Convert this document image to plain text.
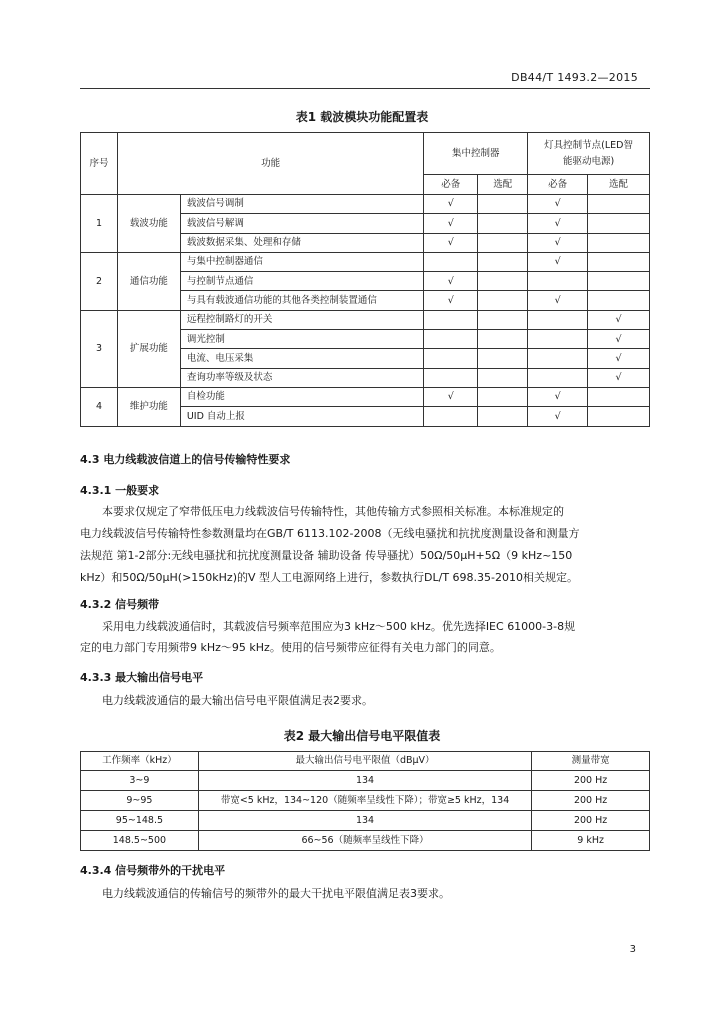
DB44/T 1493.2—2015
表1 载波模块功能配置表
序号	功能		集中控制器		灯具控制节点(LED智
能驱动电源)	

			必备	选配	必备	选配
1	载波功能	载波信号调制	√		√	
		载波信号解调	√		√	
		载波数据采集、处理和存储	√		√	
2	通信功能	与集中控制器通信			√	
		与控制节点通信	√			
		与具有载波通信功能的其他各类控制装置通信	√		√	
3	扩展功能	远程控制路灯的开关				√
		调光控制				√
		电流、电压采集				√
		查询功率等级及状态				√
4	维护功能	自检功能	√		√	
		UID 自动上报			√	
4.3 电力线载波信道上的信号传输特性要求
4.3.1 一般要求
本要求仅规定了窄带低压电力线载波信号传输特性，其他传输方式参照相关标准。本标准规定的
电力线载波信号传输特性参数测量均在GB/T 6113.102-2008（无线电骚扰和抗扰度测量设备和测量方
法规范 第1-2部分:无线电骚扰和抗扰度测量设备 辅助设备 传导骚扰）50Ω/50μH+5Ω（9 kHz~150
kHz）和50Ω/50μH(>150kHz)的V 型人工电源网络上进行，参数执行DL/T 698.35-2010相关规定。
4.3.2 信号频带
采用电力线载波通信时，其载波信号频率范围应为3 kHz～500 kHz。优先选择IEC 61000-3-8规
定的电力部门专用频带9 kHz～95 kHz。使用的信号频带应征得有关电力部门的同意。
4.3.3 最大输出信号电平
电力线载波通信的最大输出信号电平限值满足表2要求。
表2 最大输出信号电平限值表
工作频率（kHz）	最大输出信号电平限值（dBμV）	测量带宽
3~9	134	200 Hz
9~95	带宽<5 kHz，134~120（随频率呈线性下降）；带宽≥5 kHz，134	200 Hz
95~148.5	134	200 Hz
148.5~500	66~56（随频率呈线性下降）	9 kHz
4.3.4 信号频带外的干扰电平
电力线载波通信的传输信号的频带外的最大干扰电平限值满足表3要求。
3
